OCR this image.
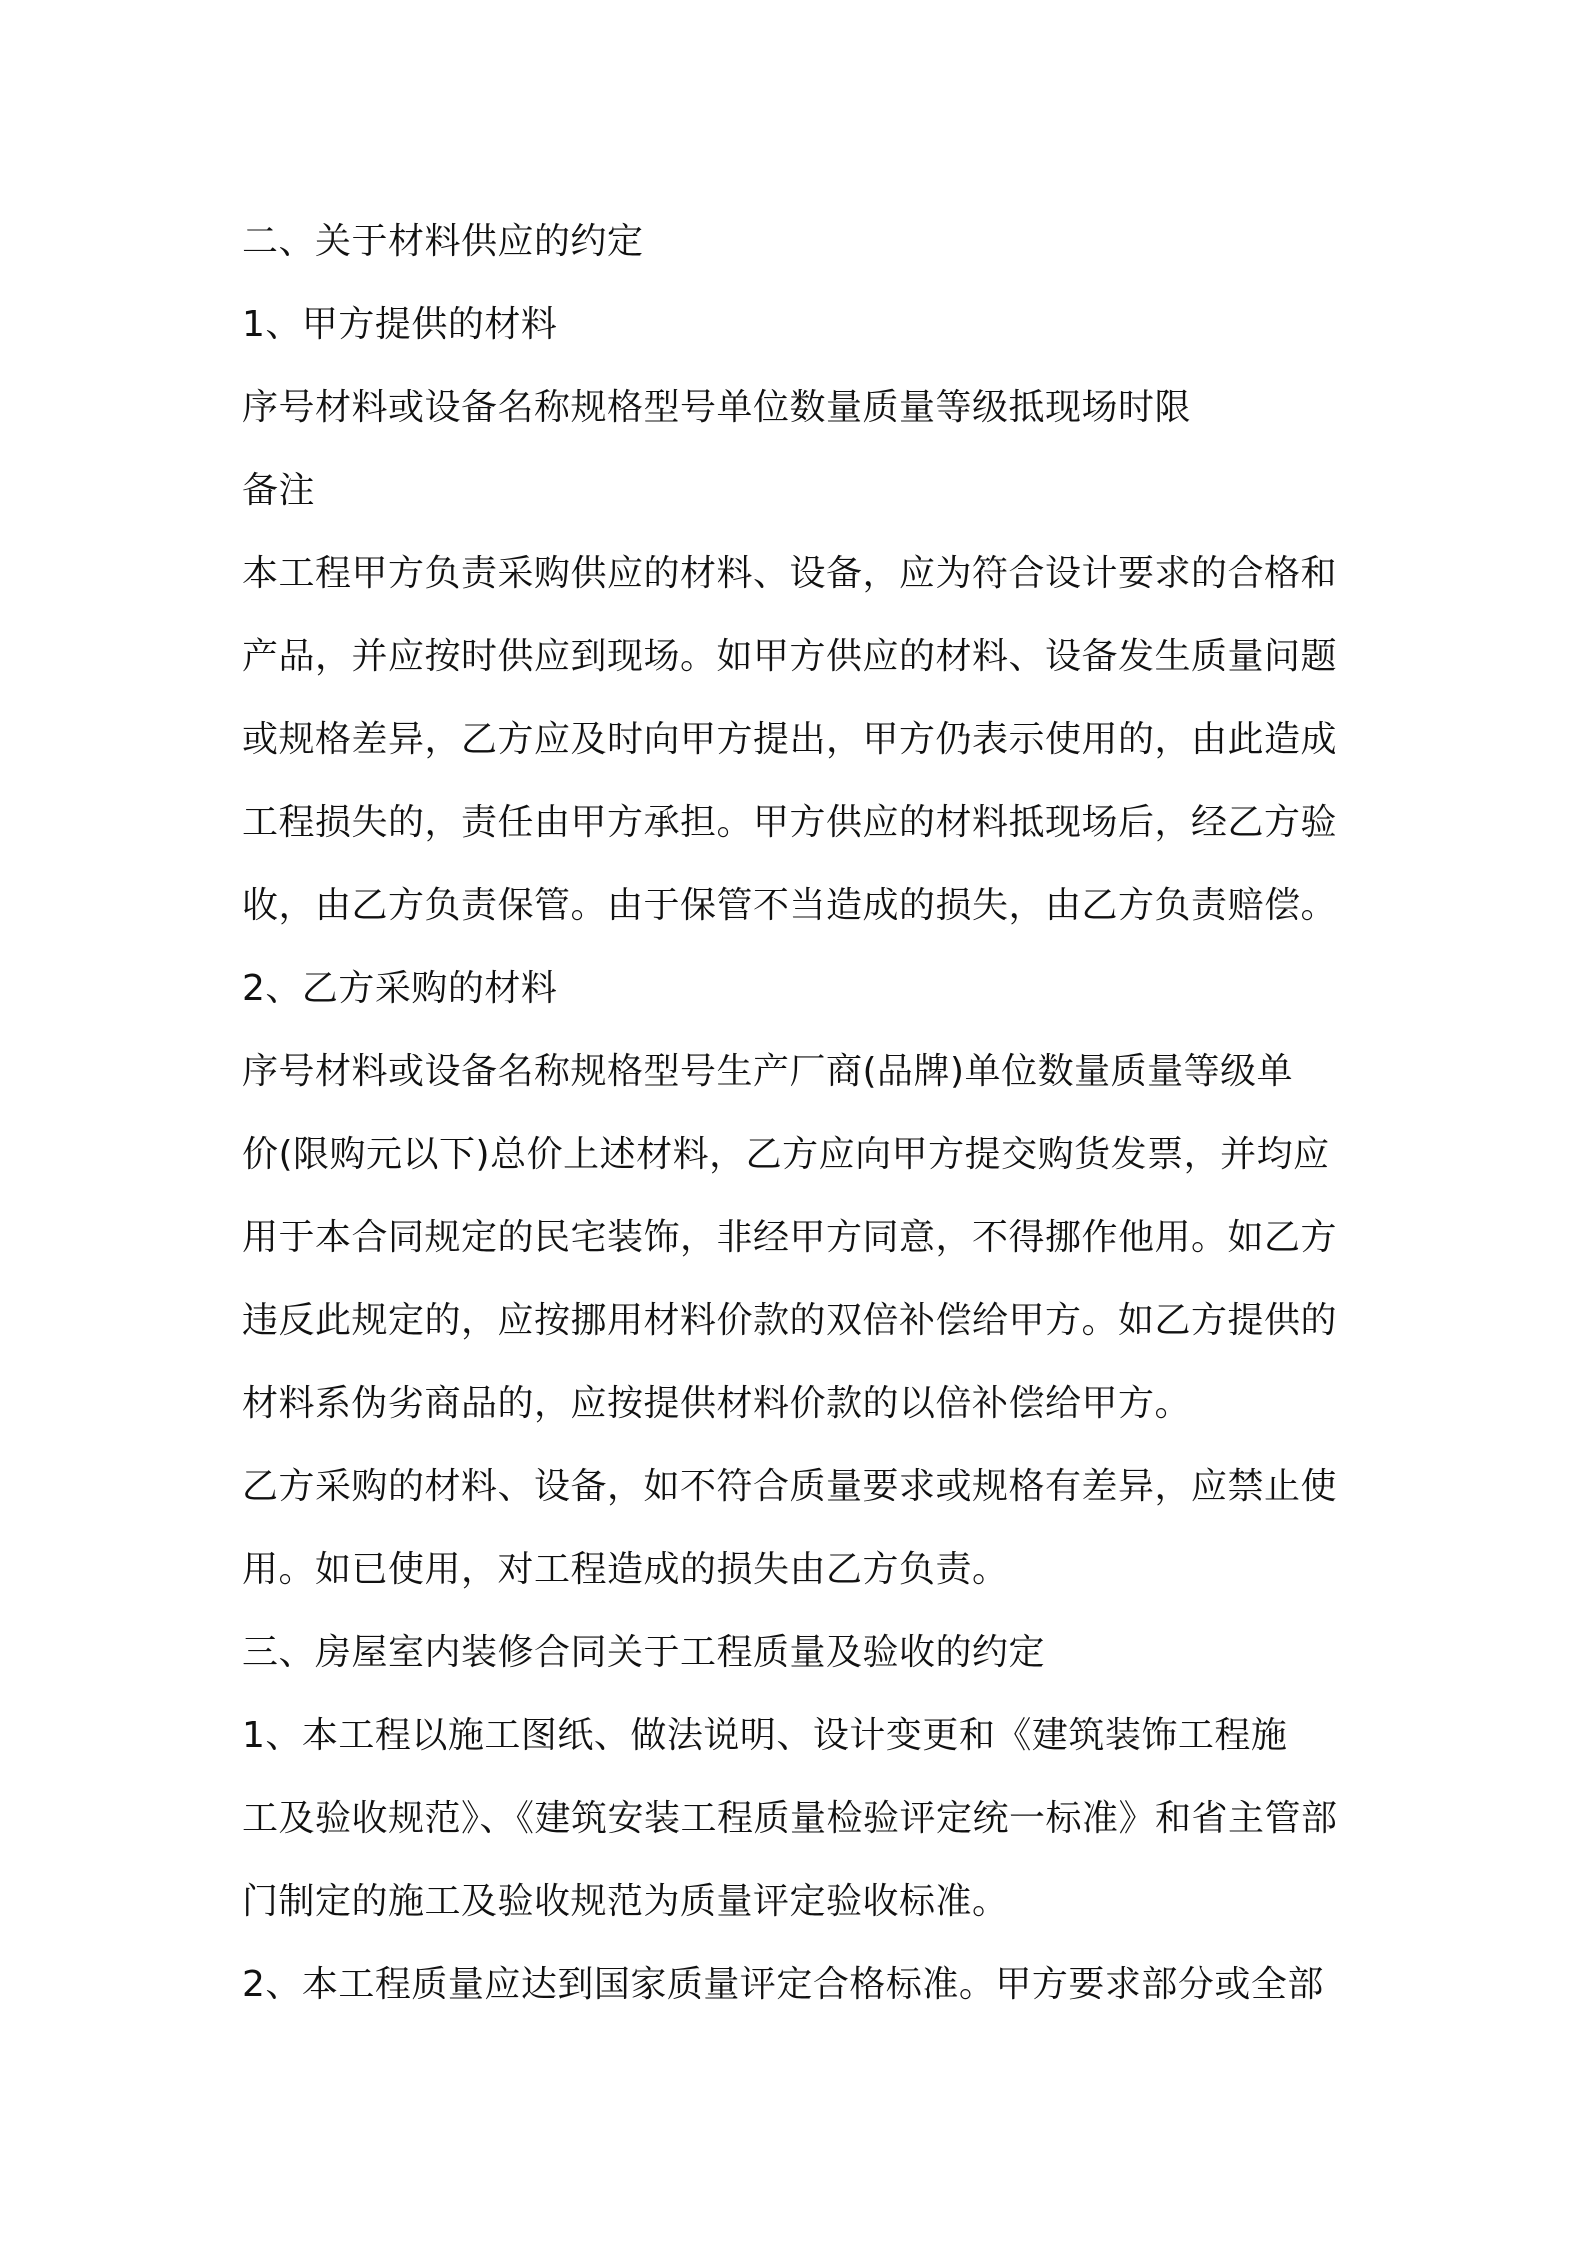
二、关于材料供应的约定
1、甲方提供的材料
序号材料或设备名称规格型号单位数量质量等级抵现场时限
备注
本工程甲方负责采购供应的材料、设备，应为符合设计要求的合格和
产品，并应按时供应到现场。如甲方供应的材料、设备发生质量问题
或规格差异，乙方应及时向甲方提出，甲方仍表示使用的，由此造成
工程损失的，责任由甲方承担。甲方供应的材料抵现场后，经乙方验
收，由乙方负责保管。由于保管不当造成的损失，由乙方负责赔偿。
2、乙方采购的材料
序号材料或设备名称规格型号生产厂商(品牌)单位数量质量等级单
价(限购元以下)总价上述材料，乙方应向甲方提交购货发票，并均应
用于本合同规定的民宅装饰，非经甲方同意，不得挪作他用。如乙方
违反此规定的，应按挪用材料价款的双倍补偿给甲方。如乙方提供的
材料系伪劣商品的，应按提供材料价款的以倍补偿给甲方。
乙方采购的材料、设备，如不符合质量要求或规格有差异，应禁止使
用。如已使用，对工程造成的损失由乙方负责。
三、房屋室内装修合同关于工程质量及验收的约定
1、本工程以施工图纸、做法说明、设计变更和《建筑装饰工程施
工及验收规范》、《建筑安装工程质量检验评定统一标准》和省主管部
门制定的施工及验收规范为质量评定验收标准。
2、本工程质量应达到国家质量评定合格标准。甲方要求部分或全部
